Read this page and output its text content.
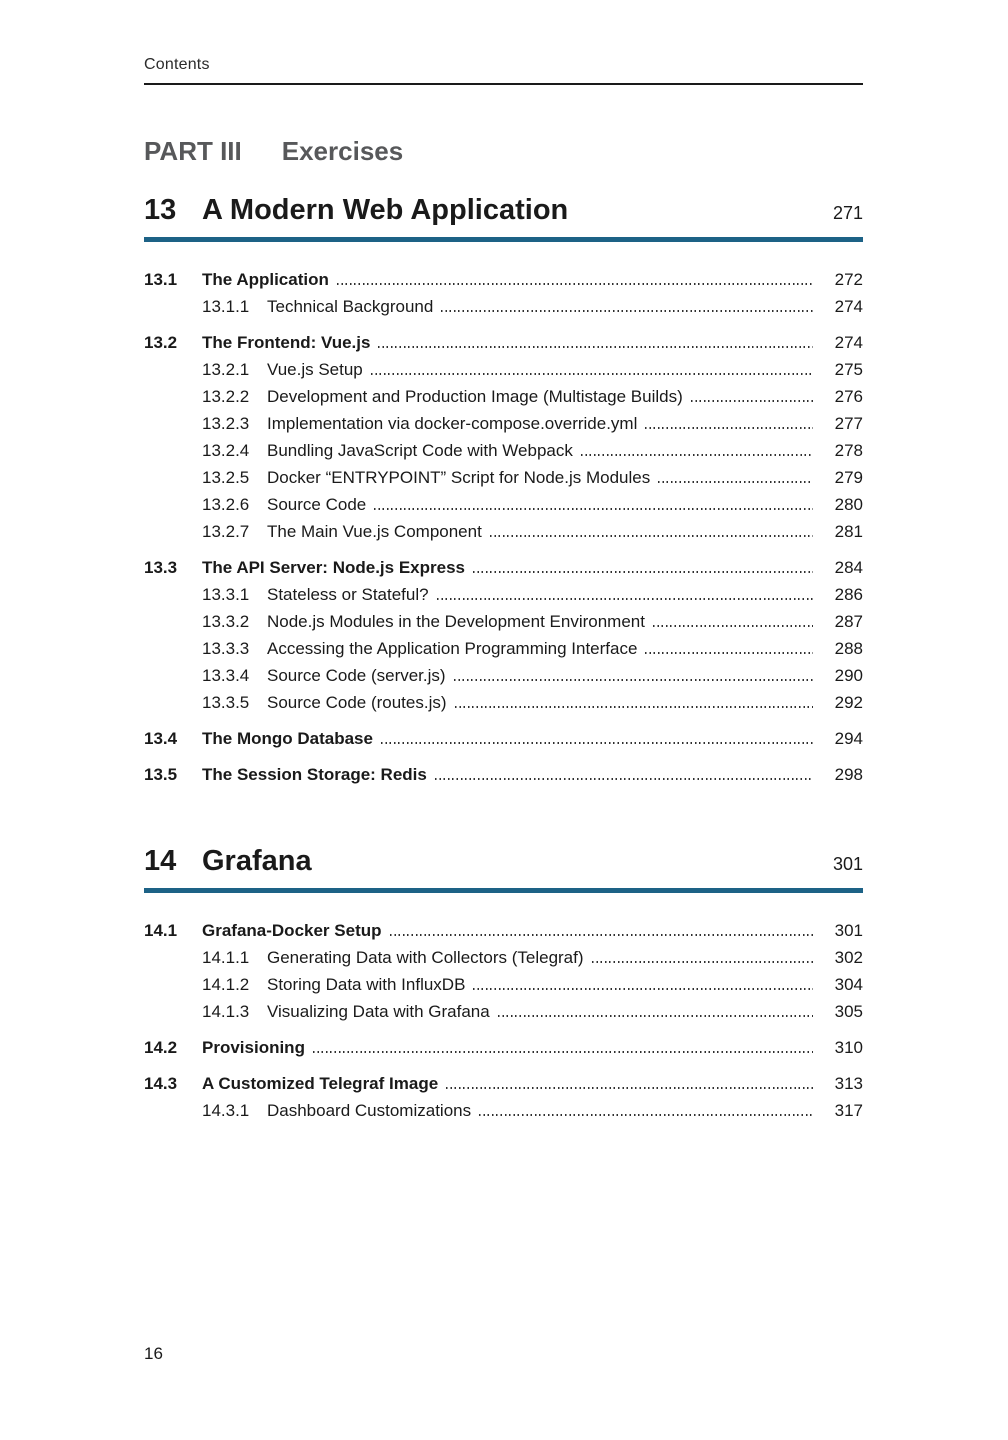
Contents
PART III Exercises
13 A Modern Web Application	271
13.1	The Application	272
13.1.1	Technical Background	274
13.2	The Frontend: Vue.js	274
13.2.1	Vue.js Setup	275
13.2.2	Development and Production Image (Multistage Builds)	276
13.2.3	Implementation via docker-compose.override.yml	277
13.2.4	Bundling JavaScript Code with Webpack	278
13.2.5	Docker “ENTRYPOINT” Script for Node.js Modules	279
13.2.6	Source Code	280
13.2.7	The Main Vue.js Component	281
13.3	The API Server: Node.js Express	284
13.3.1	Stateless or Stateful?	286
13.3.2	Node.js Modules in the Development Environment	287
13.3.3	Accessing the Application Programming Interface	288
13.3.4	Source Code (server.js)	290
13.3.5	Source Code (routes.js)	292
13.4	The Mongo Database	294
13.5	The Session Storage: Redis	298
14 Grafana	301
14.1	Grafana-Docker Setup	301
14.1.1	Generating Data with Collectors (Telegraf)	302
14.1.2	Storing Data with InfluxDB	304
14.1.3	Visualizing Data with Grafana	305
14.2	Provisioning	310
14.3	A Customized Telegraf Image	313
14.3.1	Dashboard Customizations	317
16
